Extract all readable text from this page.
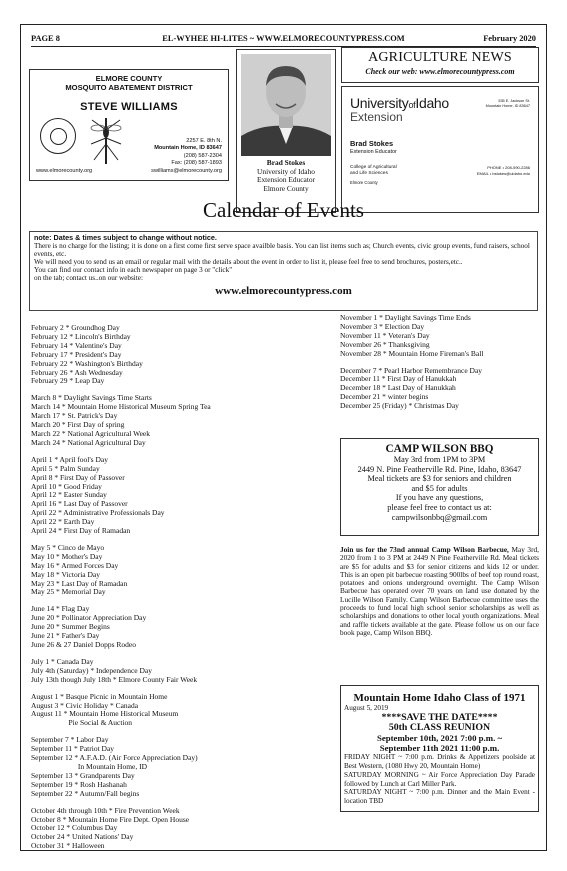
PAGE 8	EL-WYHEE HI-LITES ~ WWW.ELMORECOUNTYPRESS.COM	February 2020
ELMORE COUNTY
MOSQUITO ABATEMENT DISTRICT
STEVE WILLIAMS
2257 E. 8th N.
Mountain Home, ID 83647
(208) 587-2304
Fax: (208) 587-1893
www.elmorecounty.org	swilliams@elmorecounty.org
Brad Stokes
University of Idaho
Extension Educator
Elmore County
AGRICULTURE NEWS
Check our web: www.elmorecountypress.com
UniversityofIdaho
Extension
535 E. Jackson St.
Mountain Home, ID 83647
Brad Stokes
Extension Educator
College of Agricultural
and Life Sciences
Elmore County
PHONE • 208-590-2286
EMAIL • bstokes@uidaho.edu
Calendar of Events
note: Dates & times subject to change without notice.
There is no charge for the listing; it is done on a first come first serve space availble basis. You can list items such as; Church events, civic group events, fund raisers, school events, etc.
We will need you to send us an email or regular mail with the details about the event in order to list it, please feel free to send brochures, posters,etc..
You can find our contact info in each newspaper on page 3 or "click"
on the tab; contact us..on our website:
www.elmorecountypress.com
February 2 * Groundhog Day
February 12 * Lincoln's Birthday
February 14 * Valentine's Day
February 17 * President's Day
February 22 * Washington's Birthday
February 26 * Ash Wednesday
February 29 * Leap Day
March 8 * Daylight Savings Time Starts
March 14 * Mountain Home Historical Museum Spring Tea
March 17 * St. Patrick's Day
March 20 * First Day of spring
March 22 * National Agricultural Week
March 24 * National Agricultural Day
April 1 * April fool's Day
April 5 * Palm Sunday
April 8 * First Day of Passover
April 10 * Good Friday
April 12 * Easter Sunday
April 16 * Last Day of Passover
April 22 * Administrative Professionals Day
April 22 * Earth Day
April 24 * First Day of Ramadan
May 5 * Cinco de Mayo
May 10 * Mother's Day
May 16 * Armed Forces Day
May 18 * Victoria Day
May 23 * Last Day of Ramadan
May 25 * Memorial Day
June 14 * Flag Day
June 20 * Pollinator Appreciation Day
June 20 * Summer Begins
June 21 * Father's Day
June 26 & 27 Daniel Dopps Rodeo
July 1 * Canada Day
July 4th (Saturday) * Independence Day
July 13th though July 18th * Elmore County Fair Week
August 1 * Basque Picnic in Mountain Home
August 3 * Civic Holiday * Canada
August 11 * Mountain Home Historical Museum
Pie Social & Auction
September 7 * Labor Day
September 11 * Patriot Day
September 12 * A.F.A.D. (Air Force Appreciation Day)
In Mountain Home, ID
September 13 * Grandparents Day
September 19 * Rosh Hashanah
September 22 * Autumn/Fall begins
October 4th through 10th * Fire Prevention Week
October 8 * Mountain Home Fire Dept. Open House
October 12 * Columbus Day
October 24 * United Nations' Day
October 31 * Halloween
November 1 * Daylight Savings Time Ends
November 3 * Election Day
November 11 * Veteran's Day
November 26 * Thanksgiving
November 28 * Mountain Home Fireman's Ball
December 7 * Pearl Harbor Remembrance Day
December 11 * First Day of Hanukkah
December 18 * Last Day of Hanukkah
December 21 * winter begins
December 25 (Friday) * Christmas Day
CAMP WILSON BBQ
May 3rd from 1PM to 3PM
2449 N. Pine Featherville Rd. Pine, Idaho, 83647
Meal tickets are $3 for seniors and children
and $5 for adults
If you have any questions,
please feel free to contact us at:
campwilsonbbq@gmail.com
Join us for the 73nd annual Camp Wilson Barbecue, May 3rd, 2020 from 1 to 3 PM at 2449 N Pine Featherville Rd. Meal tickets are $5 for adults and $3 for senior citizens and kids 12 or under. This is an open pit barbecue roasting 900lbs of beef top round roast, potatoes and onions underground overnight. The Camp Wilson Barbecue has operated over 70 years on land use donated by the Lucille Wilson Family. Camp Wilson Barbecue committee uses the proceeds to fund local high school senior scholarships as well as scholarships and donations to other local youth organizations. Meal and raffle tickets available at the gate. Please follow us on our face book page, Camp Wilson BBQ.
Mountain Home Idaho Class of 1971
August 5, 2019
****SAVE THE DATE****
50th CLASS REUNION
September 10th, 2021 7:00 p.m. ~
September 11th 2021 11:00 p.m.
FRIDAY NIGHT ~ 7:00 p.m. Drinks & Appetizers poolside at Best Western, (1080 Hwy 20, Mountain Home)
SATURDAY MORNING ~ Air Force Appreciation Day Parade followed by Lunch at Carl Miller Park.
SATURDAY NIGHT ~ 7:00 p.m. Dinner and the Main Event - location TBD
